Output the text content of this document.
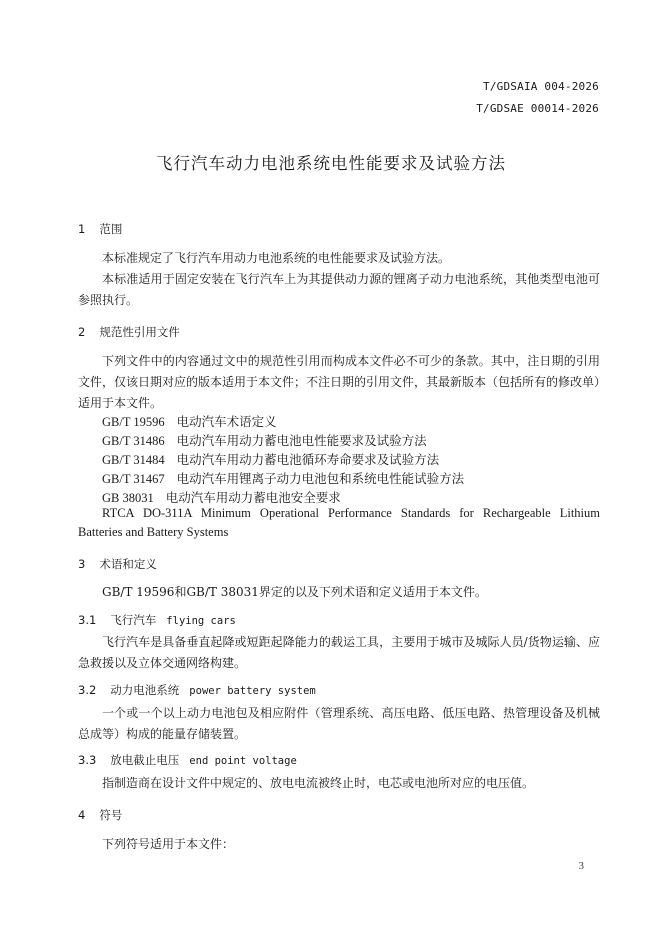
T/GDSAIA 004-2026
T/GDSAE 00014-2026
飞行汽车动力电池系统电性能要求及试验方法
1 范围
本标准规定了飞行汽车用动力电池系统的电性能要求及试验方法。
本标准适用于固定安装在飞行汽车上为其提供动力源的锂离子动力电池系统，其他类型电池可参照执行。
2 规范性引用文件
下列文件中的内容通过文中的规范性引用而构成本文件必不可少的条款。其中，注日期的引用文件，仅该日期对应的版本适用于本文件；不注日期的引用文件，其最新版本（包括所有的修改单）适用于本文件。
GB/T 19596 电动汽车术语定义
GB/T 31486 电动汽车用动力蓄电池电性能要求及试验方法
GB/T 31484 电动汽车用动力蓄电池循环寿命要求及试验方法
GB/T 31467 电动汽车用锂离子动力电池包和系统电性能试验方法
GB 38031 电动汽车用动力蓄电池安全要求
RTCA DO-311A Minimum Operational Performance Standards for Rechargeable Lithium Batteries and Battery Systems
3 术语和定义
GB/T 19596和GB/T 38031界定的以及下列术语和定义适用于本文件。
3.1 飞行汽车 flying cars
飞行汽车是具备垂直起降或短距起降能力的载运工具，主要用于城市及城际人员/货物运输、应急救援以及立体交通网络构建。
3.2 动力电池系统 power battery system
一个或一个以上动力电池包及相应附件（管理系统、高压电路、低压电路、热管理设备及机械总成等）构成的能量存储装置。
3.3 放电截止电压 end point voltage
指制造商在设计文件中规定的、放电电流被终止时，电芯或电池所对应的电压值。
4 符号
下列符号适用于本文件：
3
